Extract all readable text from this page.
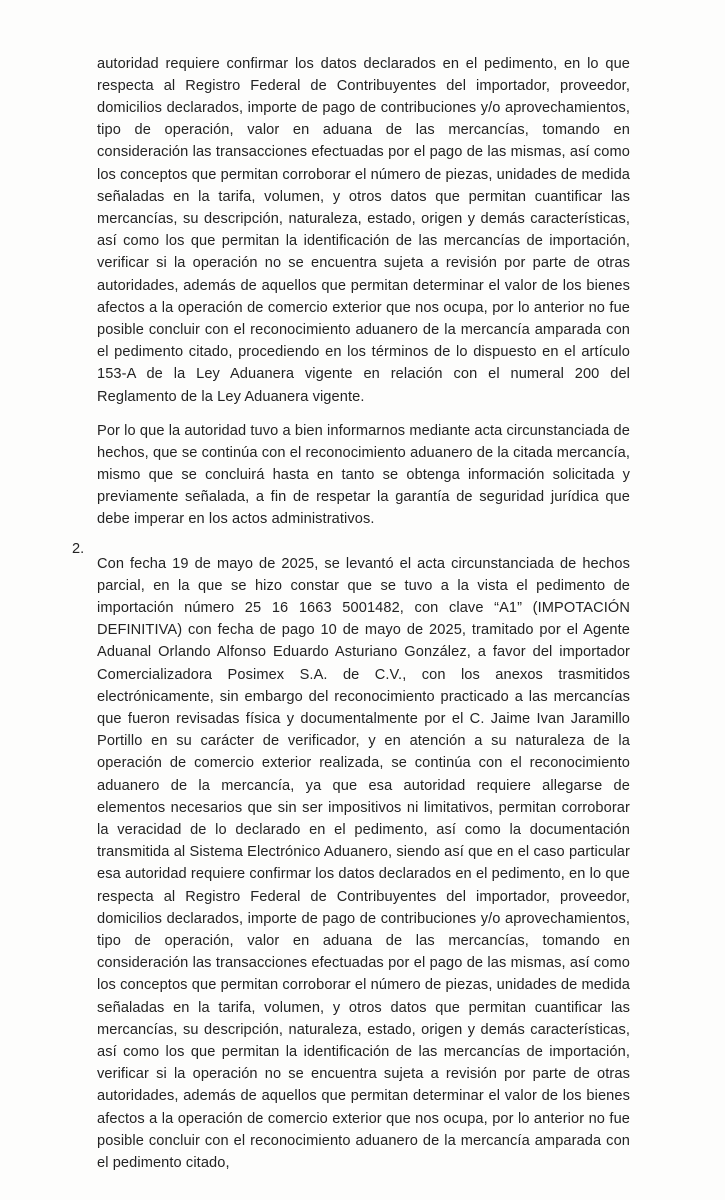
autoridad requiere confirmar los datos declarados en el pedimento, en lo que respecta al Registro Federal de Contribuyentes del importador, proveedor, domicilios declarados, importe de pago de contribuciones y/o aprovechamientos, tipo de operación, valor en aduana de las mercancías, tomando en consideración las transacciones efectuadas por el pago de las mismas, así como los conceptos que permitan corroborar el número de piezas, unidades de medida señaladas en la tarifa, volumen, y otros datos que permitan cuantificar las mercancías, su descripción, naturaleza, estado, origen y demás características, así como los que permitan la identificación de las mercancías de importación, verificar si la operación no se encuentra sujeta a revisión por parte de otras autoridades, además de aquellos que permitan determinar el valor de los bienes afectos a la operación de comercio exterior que nos ocupa, por lo anterior no fue posible concluir con el reconocimiento aduanero de la mercancía amparada con el pedimento citado, procediendo en los términos de lo dispuesto en el artículo 153-A de la Ley Aduanera vigente en relación con el numeral 200 del Reglamento de la Ley Aduanera vigente.

Por lo que la autoridad tuvo a bien informarnos mediante acta circunstanciada de hechos, que se continúa con el reconocimiento aduanero de la citada mercancía, mismo que se concluirá hasta en tanto se obtenga información solicitada y previamente señalada, a fin de respetar la garantía de seguridad jurídica que debe imperar en los actos administrativos.

2.

Con fecha 19 de mayo de 2025, se levantó el acta circunstanciada de hechos parcial, en la que se hizo constar que se tuvo a la vista el pedimento de importación número 25 16 1663 5001482, con clave “A1” (IMPOTACIÓN DEFINITIVA) con fecha de pago 10 de mayo de 2025, tramitado por el Agente Aduanal Orlando Alfonso Eduardo Asturiano González, a favor del importador Comercializadora Posimex S.A. de C.V., con los anexos trasmitidos electrónicamente, sin embargo del reconocimiento practicado a las mercancías que fueron revisadas física y documentalmente por el C. Jaime Ivan Jaramillo Portillo en su carácter de verificador, y en atención a su naturaleza de la operación de comercio exterior realizada, se continúa con el reconocimiento aduanero de la mercancía, ya que esa autoridad requiere allegarse de elementos necesarios que sin ser impositivos ni limitativos, permitan corroborar la veracidad de lo declarado en el pedimento, así como la documentación transmitida al Sistema Electrónico Aduanero, siendo así que en el caso particular esa autoridad requiere confirmar los datos declarados en el pedimento, en lo que respecta al Registro Federal de Contribuyentes del importador, proveedor, domicilios declarados, importe de pago de contribuciones y/o aprovechamientos, tipo de operación, valor en aduana de las mercancías, tomando en consideración las transacciones efectuadas por el pago de las mismas, así como los conceptos que permitan corroborar el número de piezas, unidades de medida señaladas en la tarifa, volumen, y otros datos que permitan cuantificar las mercancías, su descripción, naturaleza, estado, origen y demás características, así como los que permitan la identificación de las mercancías de importación, verificar si la operación no se encuentra sujeta a revisión por parte de otras autoridades, además de aquellos que permitan determinar el valor de los bienes afectos a la operación de comercio exterior que nos ocupa, por lo anterior no fue posible concluir con el reconocimiento aduanero de la mercancía amparada con el pedimento citado,
